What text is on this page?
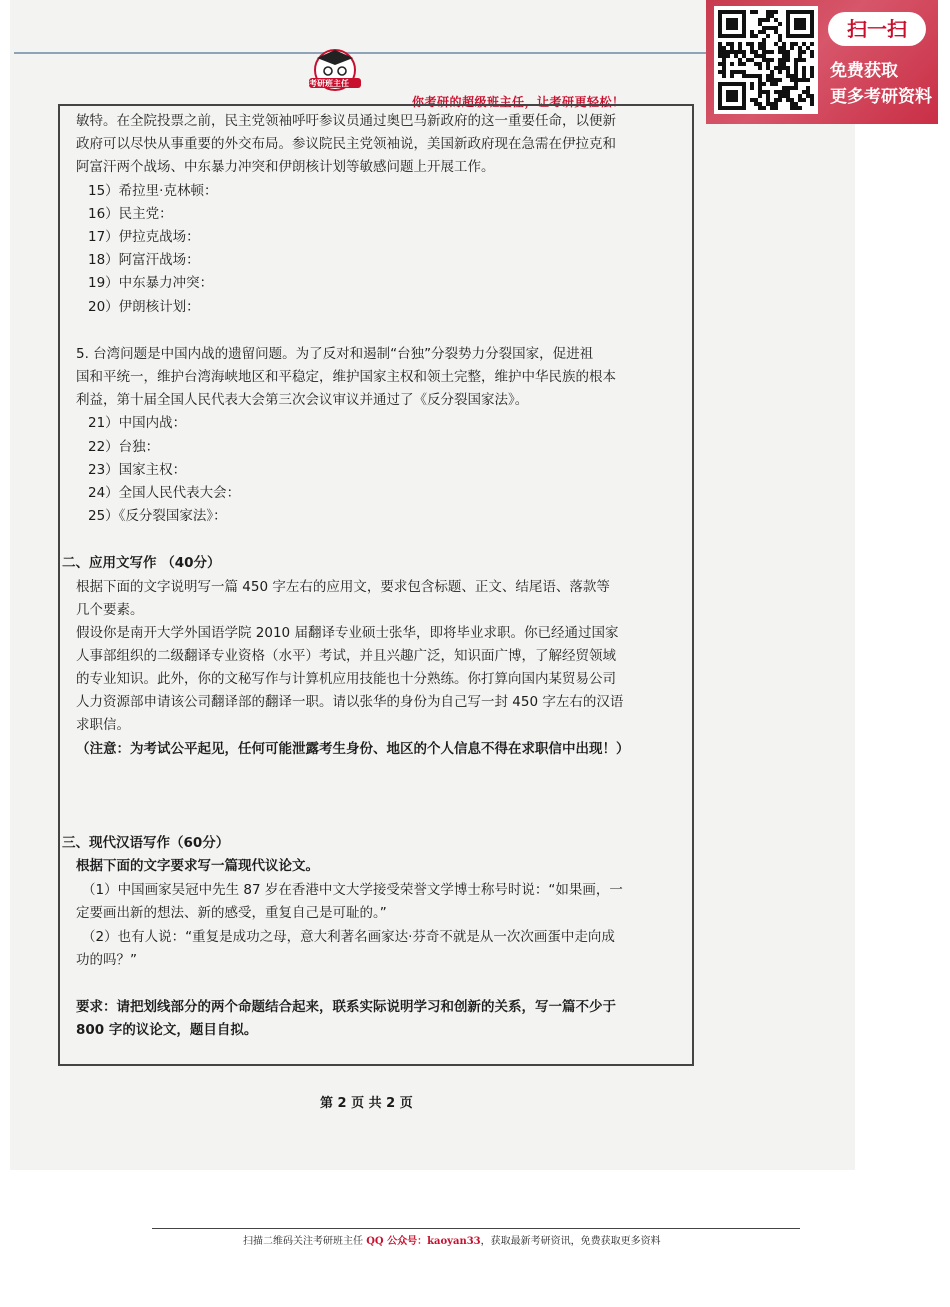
考研班主任
你考研的超级班主任，让考研更轻松！
扫一扫
免费获取
更多考研资料
敏特。在全院投票之前，民主党领袖呼吁参议员通过奥巴马新政府的这一重要任命，以便新
政府可以尽快从事重要的外交布局。参议院民主党领袖说，美国新政府现在急需在伊拉克和
阿富汗两个战场、中东暴力冲突和伊朗核计划等敏感问题上开展工作。
15）希拉里·克林顿：
16）民主党：
17）伊拉克战场：
18）阿富汗战场：
19）中东暴力冲突：
20）伊朗核计划：
5. 台湾问题是中国内战的遗留问题。为了反对和遏制“台独”分裂势力分裂国家，促进祖
国和平统一，维护台湾海峡地区和平稳定，维护国家主权和领土完整，维护中华民族的根本
利益，第十届全国人民代表大会第三次会议审议并通过了《反分裂国家法》。
21）中国内战：
22）台独：
23）国家主权：
24）全国人民代表大会：
25）《反分裂国家法》：
二、应用文写作 （40分）
根据下面的文字说明写一篇 450 字左右的应用文，要求包含标题、正文、结尾语、落款等
几个要素。
假设你是南开大学外国语学院 2010 届翻译专业硕士张华，即将毕业求职。你已经通过国家
人事部组织的二级翻译专业资格（水平）考试，并且兴趣广泛，知识面广博，了解经贸领域
的专业知识。此外，你的文秘写作与计算机应用技能也十分熟练。你打算向国内某贸易公司
人力资源部申请该公司翻译部的翻译一职。请以张华的身份为自己写一封 450 字左右的汉语
求职信。
（注意：为考试公平起见，任何可能泄露考生身份、地区的个人信息不得在求职信中出现！）
三、现代汉语写作（60分）
根据下面的文字要求写一篇现代议论文。
（1）中国画家吴冠中先生 87 岁在香港中文大学接受荣誉文学博士称号时说：“如果画，一
定要画出新的想法、新的感受，重复自己是可耻的。”
（2）也有人说：“重复是成功之母，意大利著名画家达·芬奇不就是从一次次画蛋中走向成
功的吗？”
要求：请把划线部分的两个命题结合起来，联系实际说明学习和创新的关系，写一篇不少于
800 字的议论文，题目自拟。
第 2 页 共 2 页
扫描二维码关注考研班主任 QQ 公众号：kaoyan33，获取最新考研资讯，免费获取更多资料
